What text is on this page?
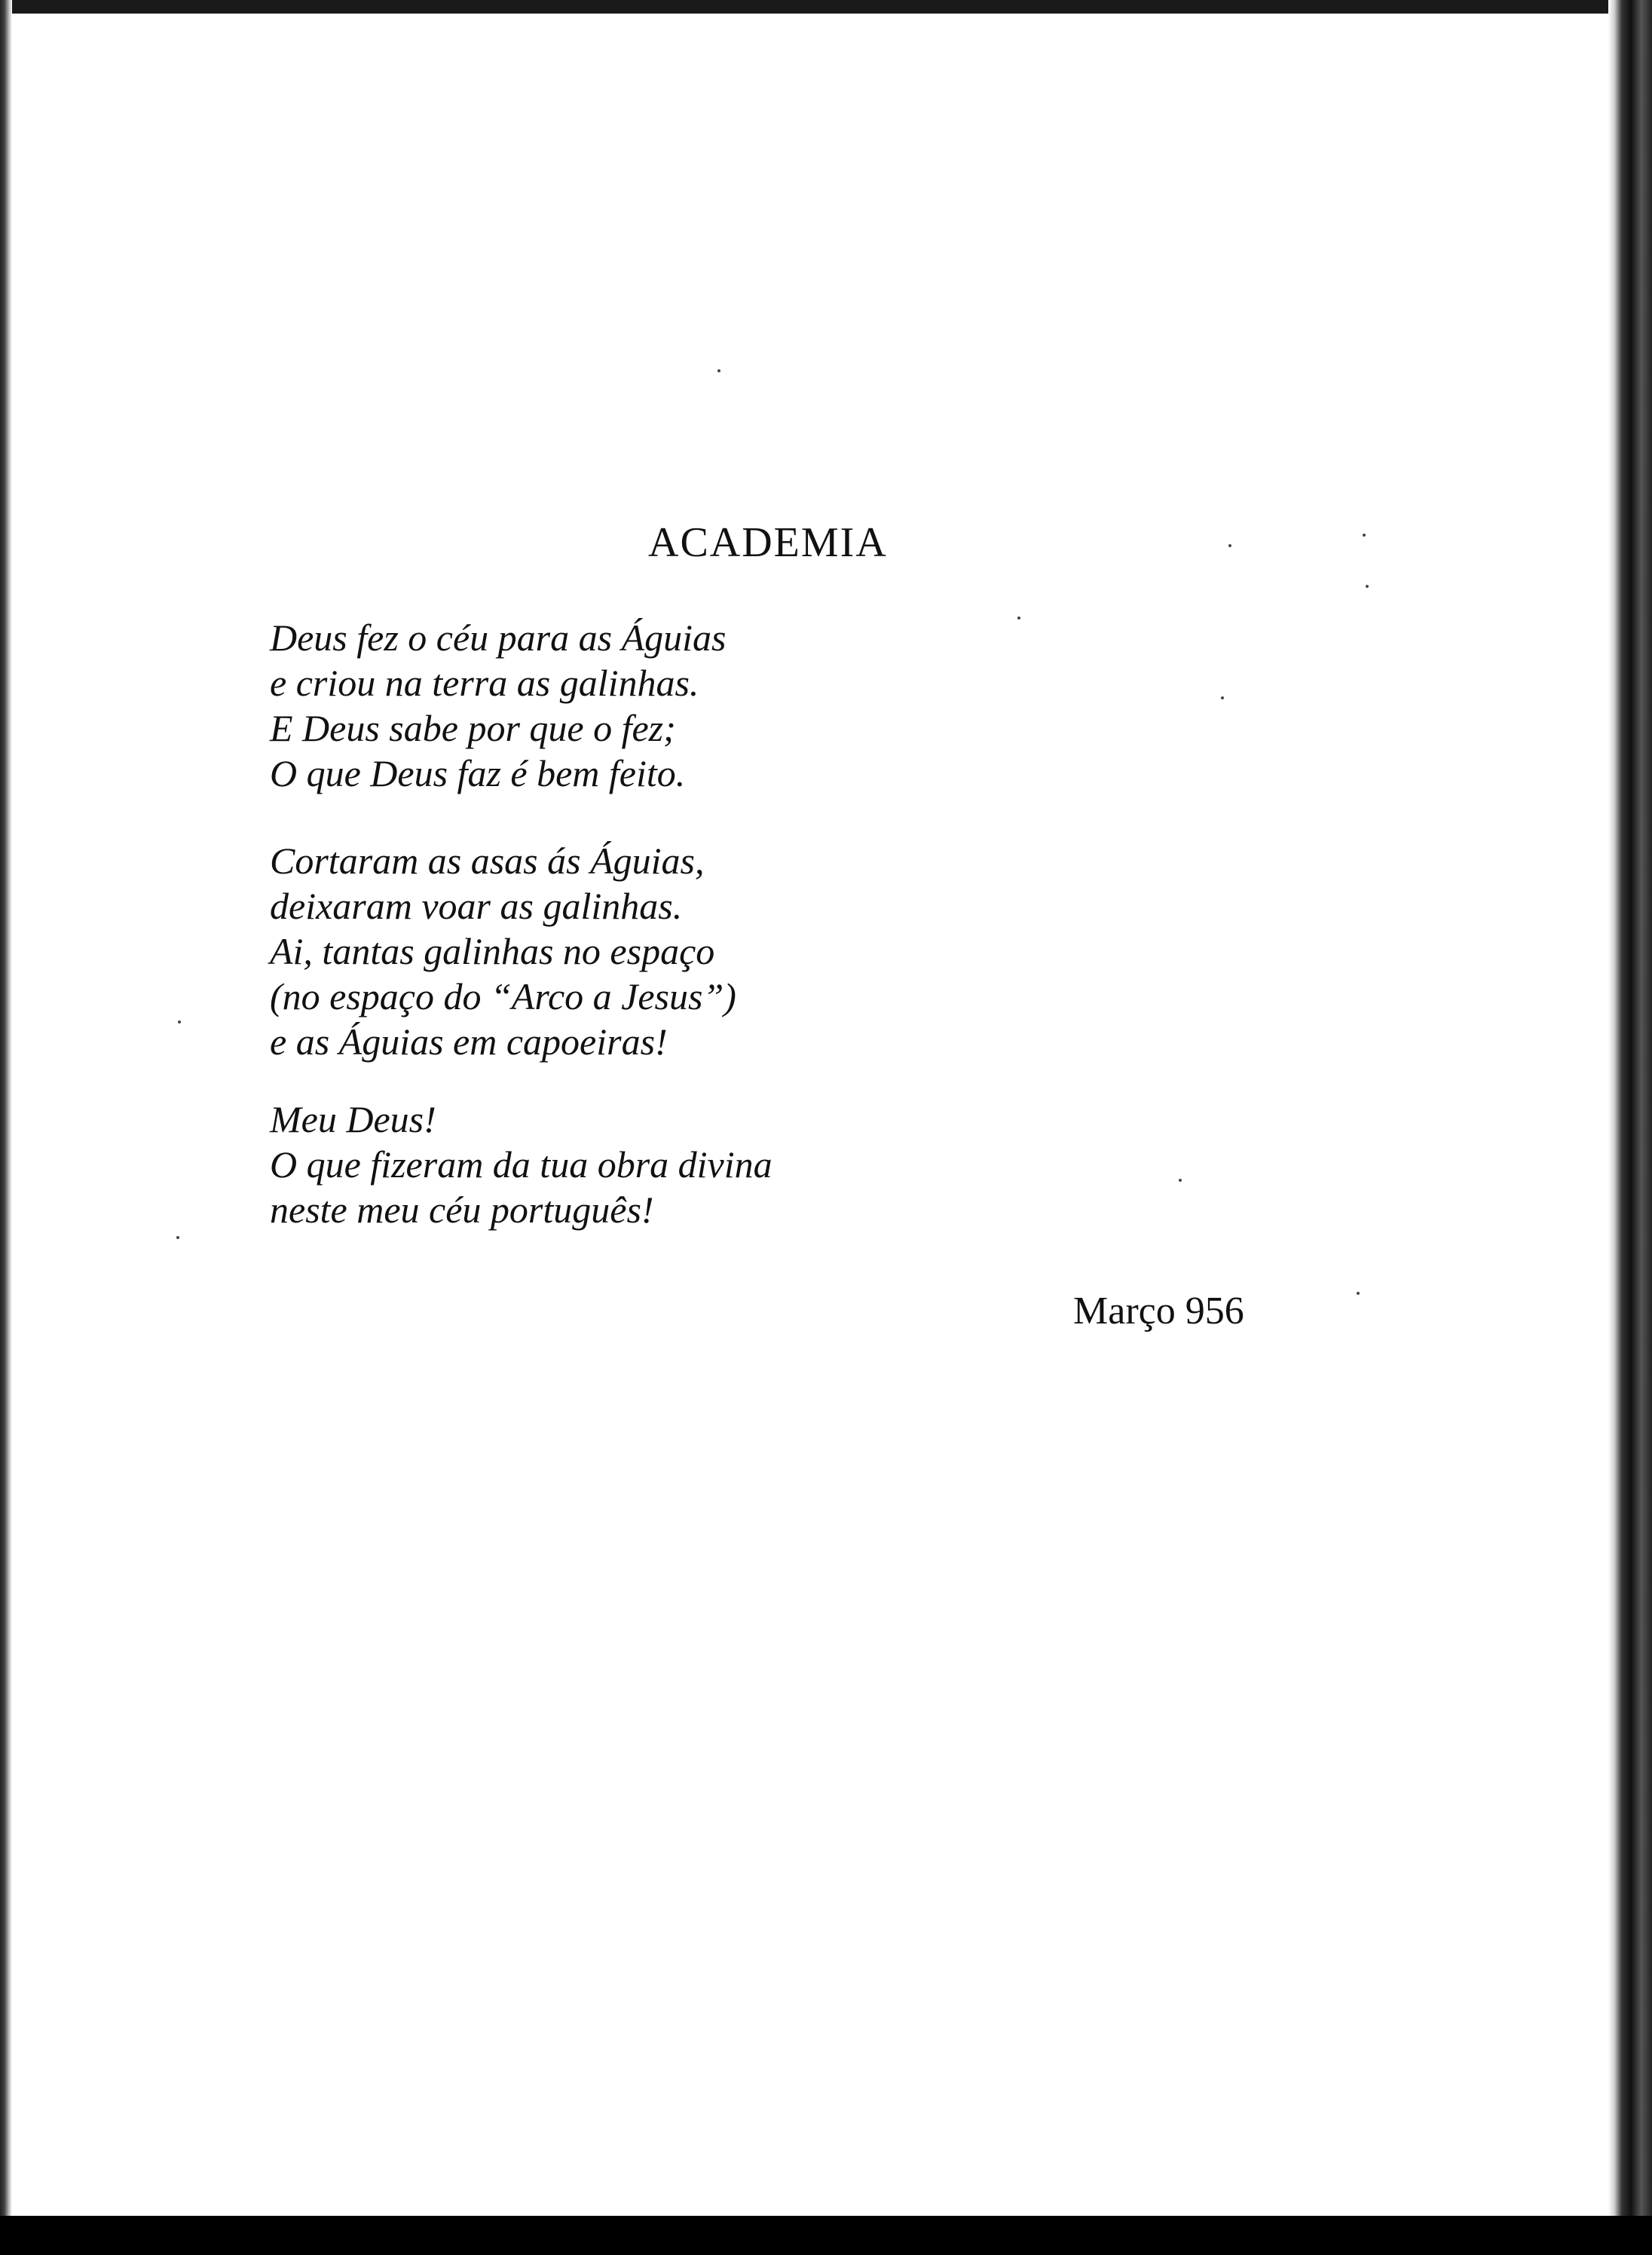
ACADEMIA
Deus fez o céu para as Águias
e criou na terra as galinhas.
E Deus sabe por que o fez;
O que Deus faz é bem feito.
Cortaram as asas ás Águias,
deixaram voar as galinhas.
Ai, tantas galinhas no espaço
(no espaço do “Arco a Jesus”)
e as Águias em capoeiras!
Meu Deus!
O que fizeram da tua obra divina
neste meu céu português!
Março 956
